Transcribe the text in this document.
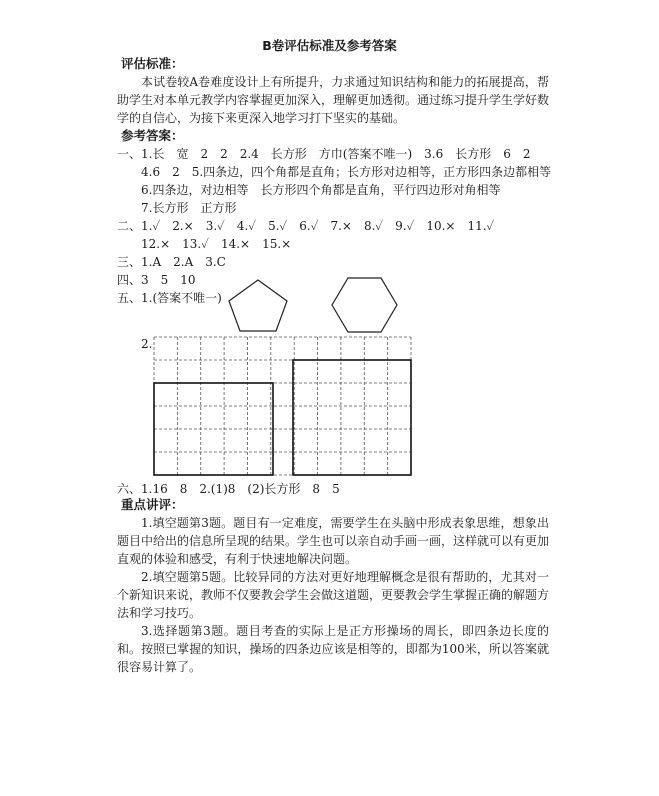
B卷评估标准及参考答案
评估标准：

本试卷较A卷难度设计上有所提升，力求通过知识结构和能力的拓展提高，帮助学生对本单元教学内容掌握更加深入，理解更加透彻。通过练习提升学生学好数学的自信心，为接下来更深入地学习打下坚实的基础。

参考答案：

一、1.长　宽　2　2　2.4　长方形　方巾(答案不唯一)　3.6　长方形　6　2

4.6　2　5.四条边，四个角都是直角；长方形对边相等，正方形四条边都相等

6.四条边，对边相等　长方形四个角都是直角，平行四边形对角相等

7.长方形　正方形

二、1.✓　2.×　3.✓　4.✓　5.✓　6.✓　7.×　8.✓　9.✓　10.×　11.✓

12.×　13.✓　14.×　15.×

三、1.A　2.A　3.C

四、3　5　10

五、1.(答案不唯一)

2.
六、1.16　8　2.(1)8　(2)长方形　8　5
重点讲评：

1.填空题第3题。题目有一定难度，需要学生在头脑中形成表象思维，想象出题目中给出的信息所呈现的结果。学生也可以亲自动手画一画，这样就可以有更加直观的体验和感受，有利于快速地解决问题。

2.填空题第5题。比较异同的方法对更好地理解概念是很有帮助的，尤其对一个新知识来说，教师不仅要教会学生会做这道题，更要教会学生掌握正确的解题方法和学习技巧。

3.选择题第3题。题目考查的实际上是正方形操场的周长，即四条边长度的和。按照已掌握的知识，操场的四条边应该是相等的，即都为100米，所以答案就很容易计算了。
